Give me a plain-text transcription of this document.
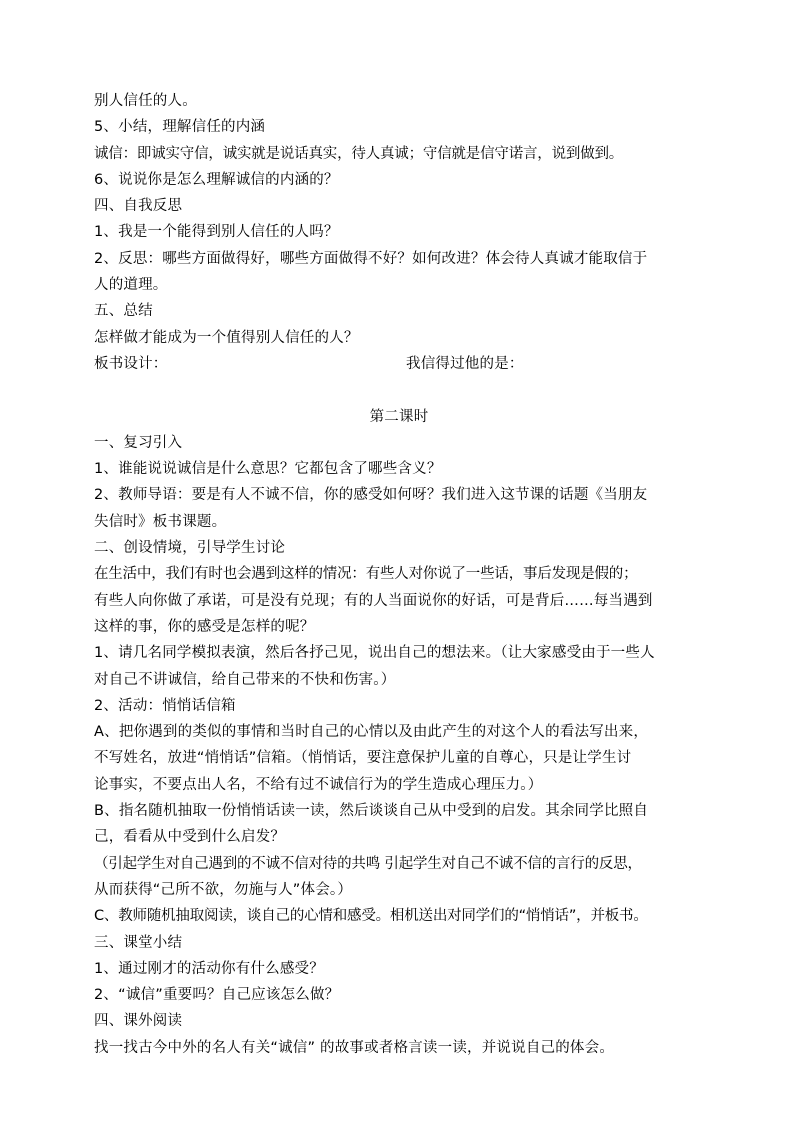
别人信任的人。
5、小结，理解信任的内涵
诚信：即诚实守信，诚实就是说话真实，待人真诚；守信就是信守诺言，说到做到。
6、说说你是怎么理解诚信的内涵的？
四、自我反思
1、我是一个能得到别人信任的人吗？
2、反思：哪些方面做得好，哪些方面做得不好？如何改进？体会待人真诚才能取信于
人的道理。
五、总结
怎样做才能成为一个值得别人信任的人？
板书设计：	我信得过他的是：
第二课时
一、复习引入
1、谁能说说诚信是什么意思？它都包含了哪些含义？
2、教师导语：要是有人不诚不信，你的感受如何呀？我们进入这节课的话题《当朋友
失信时》板书课题。
二、创设情境，引导学生讨论
在生活中，我们有时也会遇到这样的情况：有些人对你说了一些话，事后发现是假的；
有些人向你做了承诺，可是没有兑现；有的人当面说你的好话，可是背后……每当遇到
这样的事，你的感受是怎样的呢？
1、请几名同学模拟表演，然后各抒己见，说出自己的想法来。（让大家感受由于一些人
对自己不讲诚信，给自己带来的不快和伤害。）
2、活动：悄悄话信箱
A、把你遇到的类似的事情和当时自己的心情以及由此产生的对这个人的看法写出来，
不写姓名，放进“悄悄话”信箱。（悄悄话，要注意保护儿童的自尊心，只是让学生讨
论事实，不要点出人名，不给有过不诚信行为的学生造成心理压力。）
B、指名随机抽取一份悄悄话读一读，然后谈谈自己从中受到的启发。其余同学比照自
己，看看从中受到什么启发？
（引起学生对自己遇到的不诚不信对待的共鸣 引起学生对自己不诚不信的言行的反思，
从而获得“己所不欲，勿施与人”体会。）
C、教师随机抽取阅读，谈自己的心情和感受。相机送出对同学们的“悄悄话”，并板书。
三、课堂小结
1、通过刚才的活动你有什么感受？
2、“诚信”重要吗？自己应该怎么做？
四、课外阅读
找一找古今中外的名人有关“诚信” 的故事或者格言读一读，并说说自己的体会。
